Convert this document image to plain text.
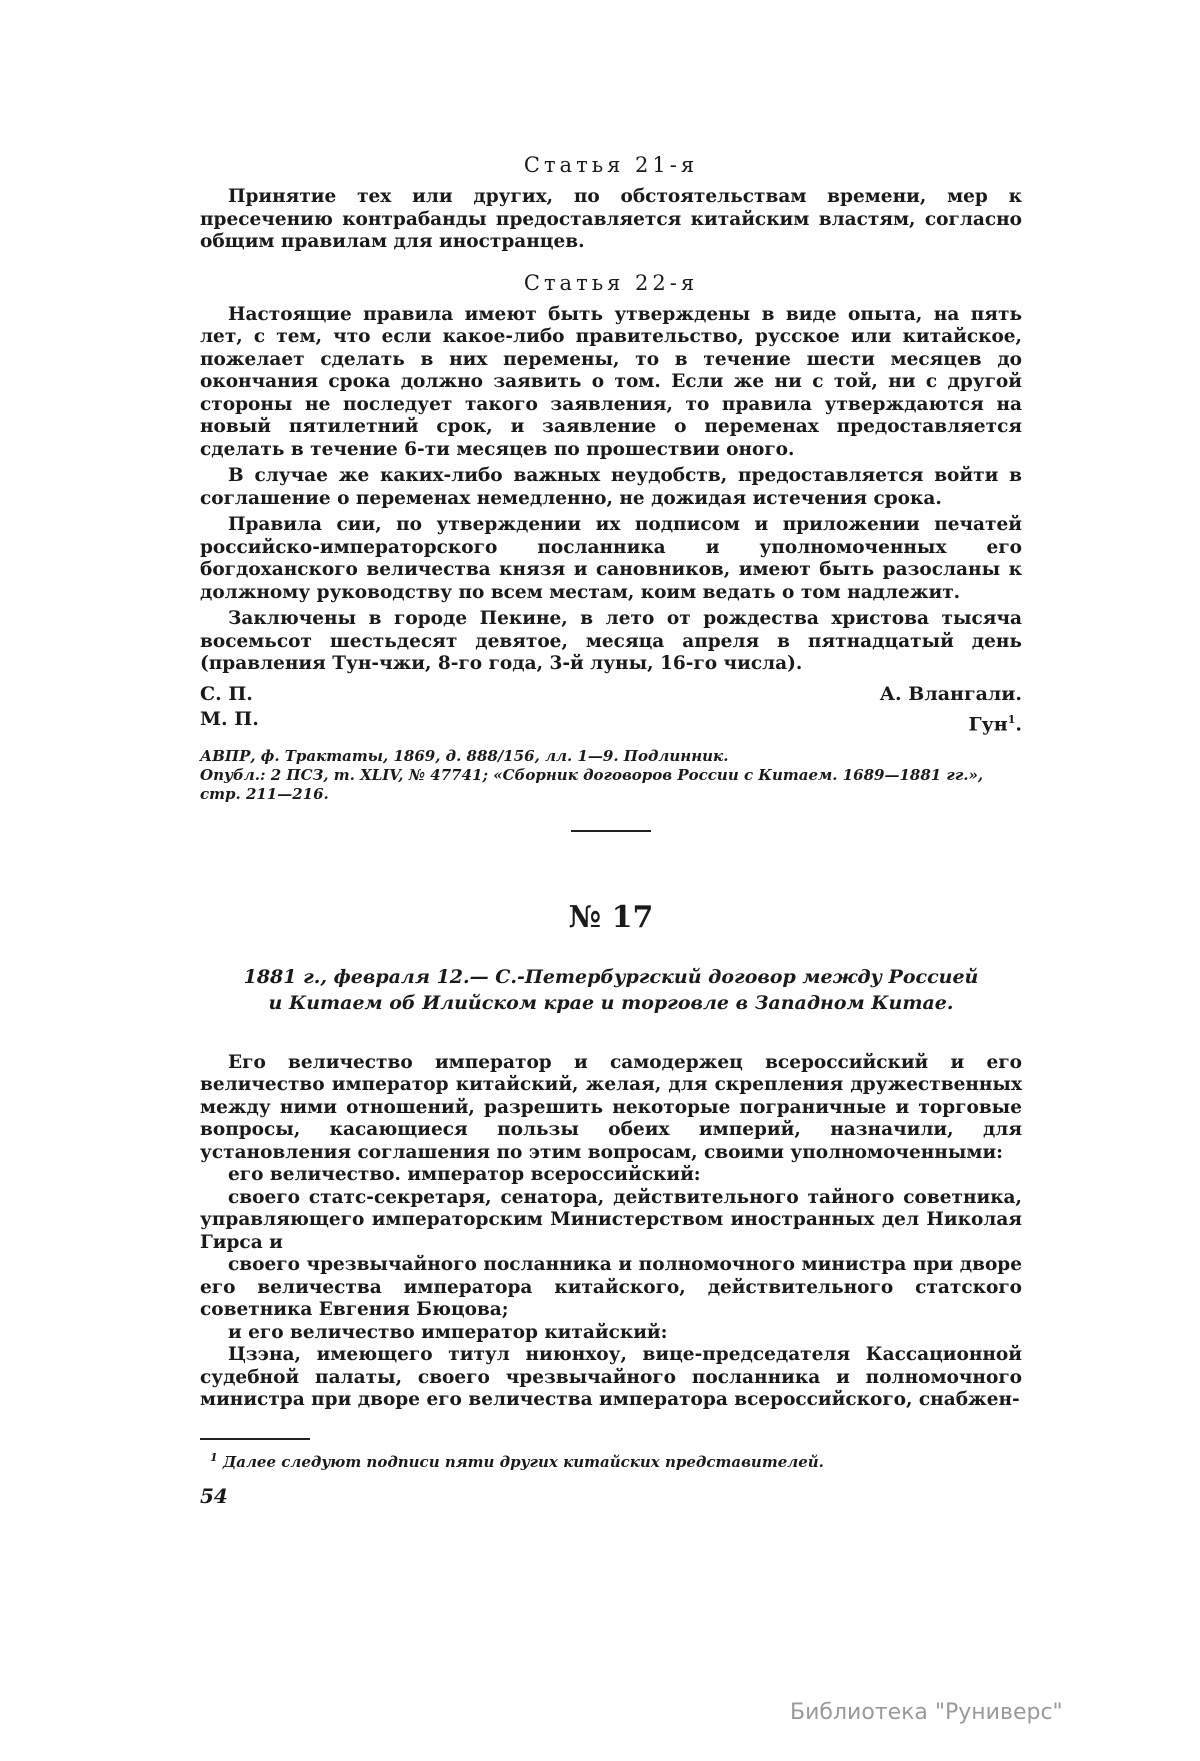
Статья 21-я

Принятие тех или других, по обстоятельствам времени, мер к пресечению контрабанды предоставляется китайским властям, согласно общим правилам для иностранцев.

Статья 22-я

Настоящие правила имеют быть утверждены в виде опыта, на пять лет, с тем, что если какое-либо правительство, русское или китайское, пожелает сделать в них перемены, то в течение шести месяцев до окончания срока должно заявить о том. Если же ни с той, ни с другой стороны не последует такого заявления, то правила утверждаются на новый пятилетний срок, и заявление о переменах предоставляется сделать в течение 6-ти месяцев по прошествии оного.

В случае же каких-либо важных неудобств, предоставляется войти в соглашение о переменах немедленно, не дожидая истечения срока.

Правила сии, по утверждении их подписом и приложении печатей российско-императорского посланника и уполномоченных его богдоханского величества князя и сановников, имеют быть разосланы к должному руководству по всем местам, коим ведать о том надлежит.

Заключены в городе Пекине, в лето от рождества христова тысяча восемьсот шестьдесят девятое, месяца апреля в пятнадцатый день (правления Тун-чжи, 8-го года, 3-й луны, 16-го числа).

С. П.	А. Влангали.
М. П.	Гун$^1$.

АВПР, ф. Трактаты, 1869, д. 888/156, лл. 1—9. Подлинник.

Опубл.: 2 ПСЗ, т. XLIV, № 47741; «Сборник договоров России с Китаем. 1689—1881 гг.», стр. 211—216.

№ 17

1881 г., февраля 12.— С.-Петербургский договор между Россией

и Китаем об Илийском крае и торговле в Западном Китае.

Его величество император и самодержец всероссийский и его величество император китайский, желая, для скрепления дружественных между ними отношений, разрешить некоторые пограничные и торговые вопросы, касающиеся пользы обеих империй, назначили, для установления соглашения по этим вопросам, своими уполномоченными:

его величество. император всероссийский:

своего статс-секретаря, сенатора, действительного тайного советника, управляющего императорским Министерством иностранных дел Николая Гирса и

своего чрезвычайного посланника и полномочного министра при дворе его величества императора китайского, действительного статского советника Евгения Бюцова;

и его величество император китайский:

Цзэна, имеющего титул ниюнхоу, вице-председателя Кассационной судебной палаты, своего чрезвычайного посланника и полномочного министра при дворе его величества императора всероссийского, снабжен-

$^1$ Далее следуют подписи пяти других китайских представителей.

54

Библиотека "Руниверс"
